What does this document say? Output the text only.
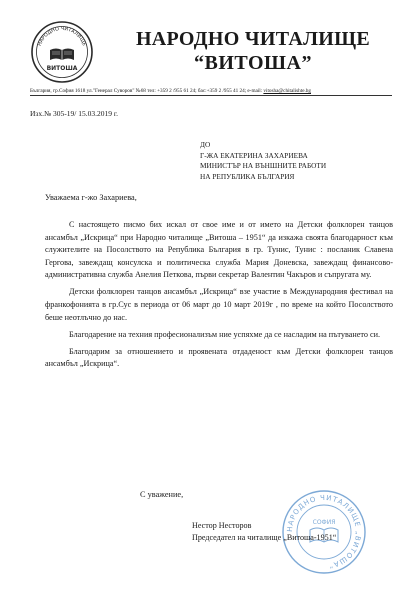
НАРОДНО ЧИТАЛИЩЕ
ВИТОША
НАРОДНО ЧИТАЛИЩЕ
“ВИТОША”
България, гр.София 1618 ул."Генерал Суворов" №68 тел: +359 2 /955 61 24; бас:+359 2 /955 41 24; e-mail: vitosha@chitalishte.bg
Изх.№ 305-19/ 15.03.2019 г.
ДО
Г-ЖА ЕКАТЕРИНА ЗАХАРИЕВА
МИНИСТЪР НА ВЪНШНИТЕ РАБОТИ
НА РЕПУБЛИКА БЪЛГАРИЯ
Уважаема г-жо Захариева,

С настоящето писмо бих искал от свое име и от името на Детски фолклорен танцов ансамбъл „Искрица“ при Народно читалище „Витоша – 1951“ да изкажа своята благодарност към служителите на Посолството на Република България в гр. Тунис, Тунис : посланик Славена Гергова, завеждащ консулска и политическа служба Мария Доневска, завеждащ финансово-административна служба Анелия Петкова, първи секретар Валентин Чакъров и съпругата му.

Детски фолклорен танцов ансамбъл „Искрица“ взе участие в Международния фестивал на франкофонията в гр.Сус в периода от 06 март до 10 март 2019г , по време на който Посолството беше неотлъчно до нас.

Благодарение на техния професионализъм ние успяхме да се насладим на пътуването си.

Благодарим за отношението и проявената отдаденост към Детски фолклорен танцов ансамбъл „Искрица“.

С уважение,
НАРОДНО ЧИТАЛИЩЕ „ВИТОША“
СОФИЯ
Нестор Несторов
Председател на читалище „Витоша-1951“
